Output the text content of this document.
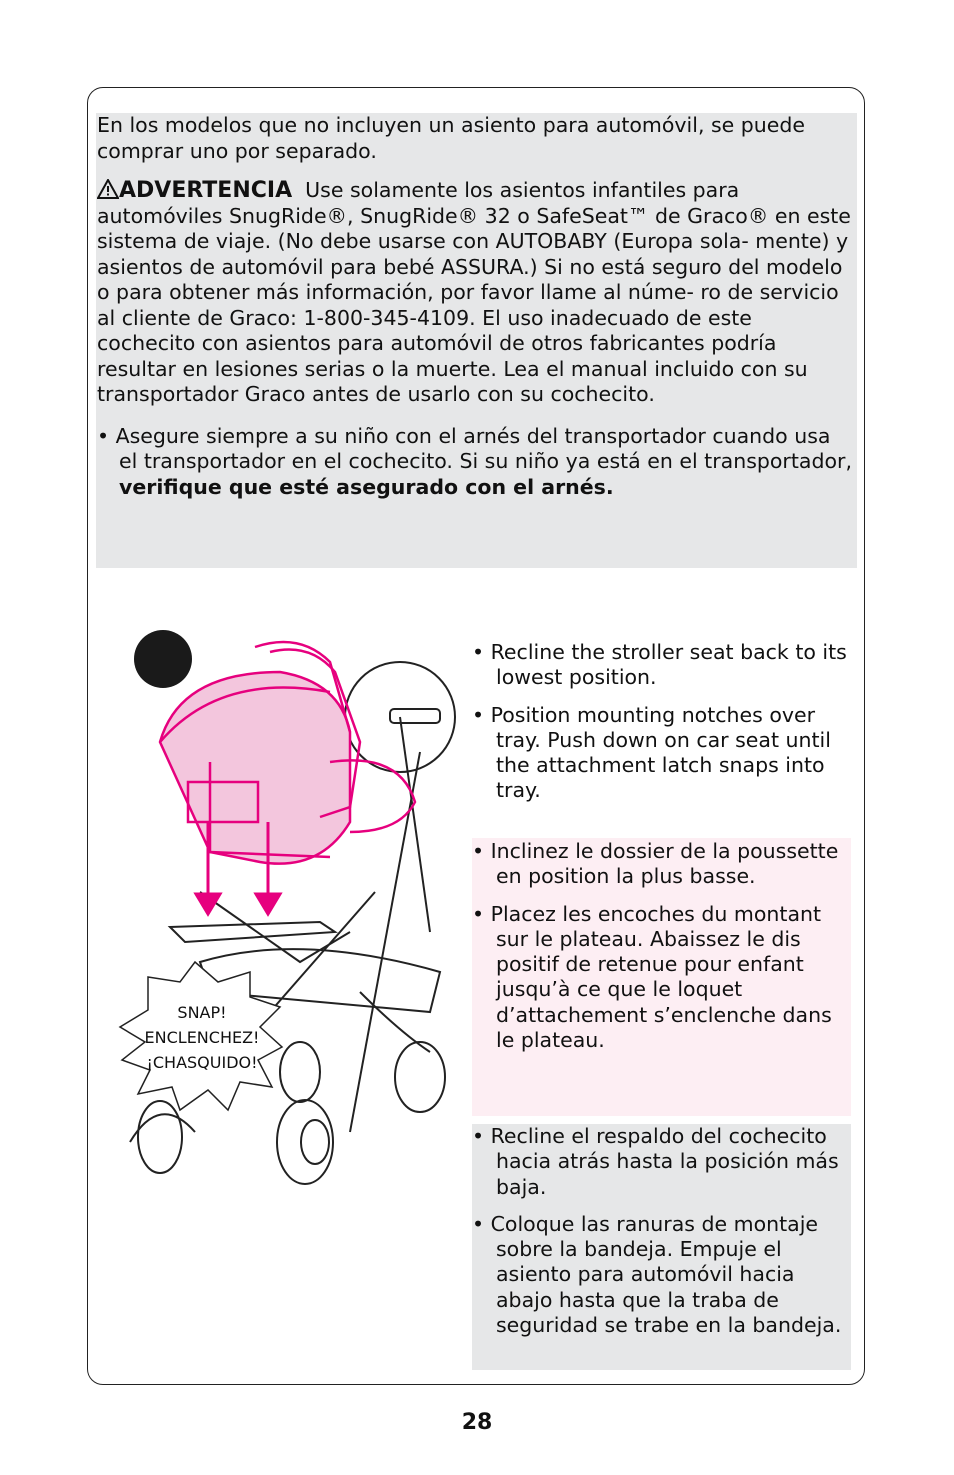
En los modelos que no incluyen un asiento para automóvil, se puede comprar uno por separado.

ADVERTENCIA Use solamente los asientos infantiles para automóviles SnugRide®, SnugRide® 32 o SafeSeat™ de Graco® en este sistema de viaje. (No debe usarse con AUTOBABY (Europa sola- mente) y asientos de automóvil para bebé ASSURA.) Si no está seguro del modelo o para obtener más información, por favor llame al núme- ro de servicio al cliente de Graco: 1-800-345-4109. El uso inadecuado de este cochecito con asientos para automóvil de otros fabricantes podría resultar en lesiones serias o la muerte. Lea el manual incluido con su transportador Graco antes de usarlo con su cochecito.

• Asegure siempre a su niño con el arnés del transportador cuando usa el transportador en el cochecito. Si su niño ya está en el transportador, verifique que esté asegurado con el arnés.

SNAP!
ENCLENCHEZ!
¡CHASQUIDO!

• Recline the stroller seat back to its lowest position.

• Position mounting notches over tray. Push down on car seat until the attachment latch snaps into tray.

• Inclinez le dossier de la poussette en position la plus basse.

• Placez les encoches du montant sur le plateau. Abaissez le dis positif de retenue pour enfant jusqu’à ce que le loquet d’attachement s’enclenche dans le plateau.

• Recline el respaldo del cochecito hacia atrás hasta la posición más baja.

• Coloque las ranuras de montaje sobre la bandeja. Empuje el asiento para automóvil hacia abajo hasta que la traba de seguridad se trabe en la bandeja.

28
